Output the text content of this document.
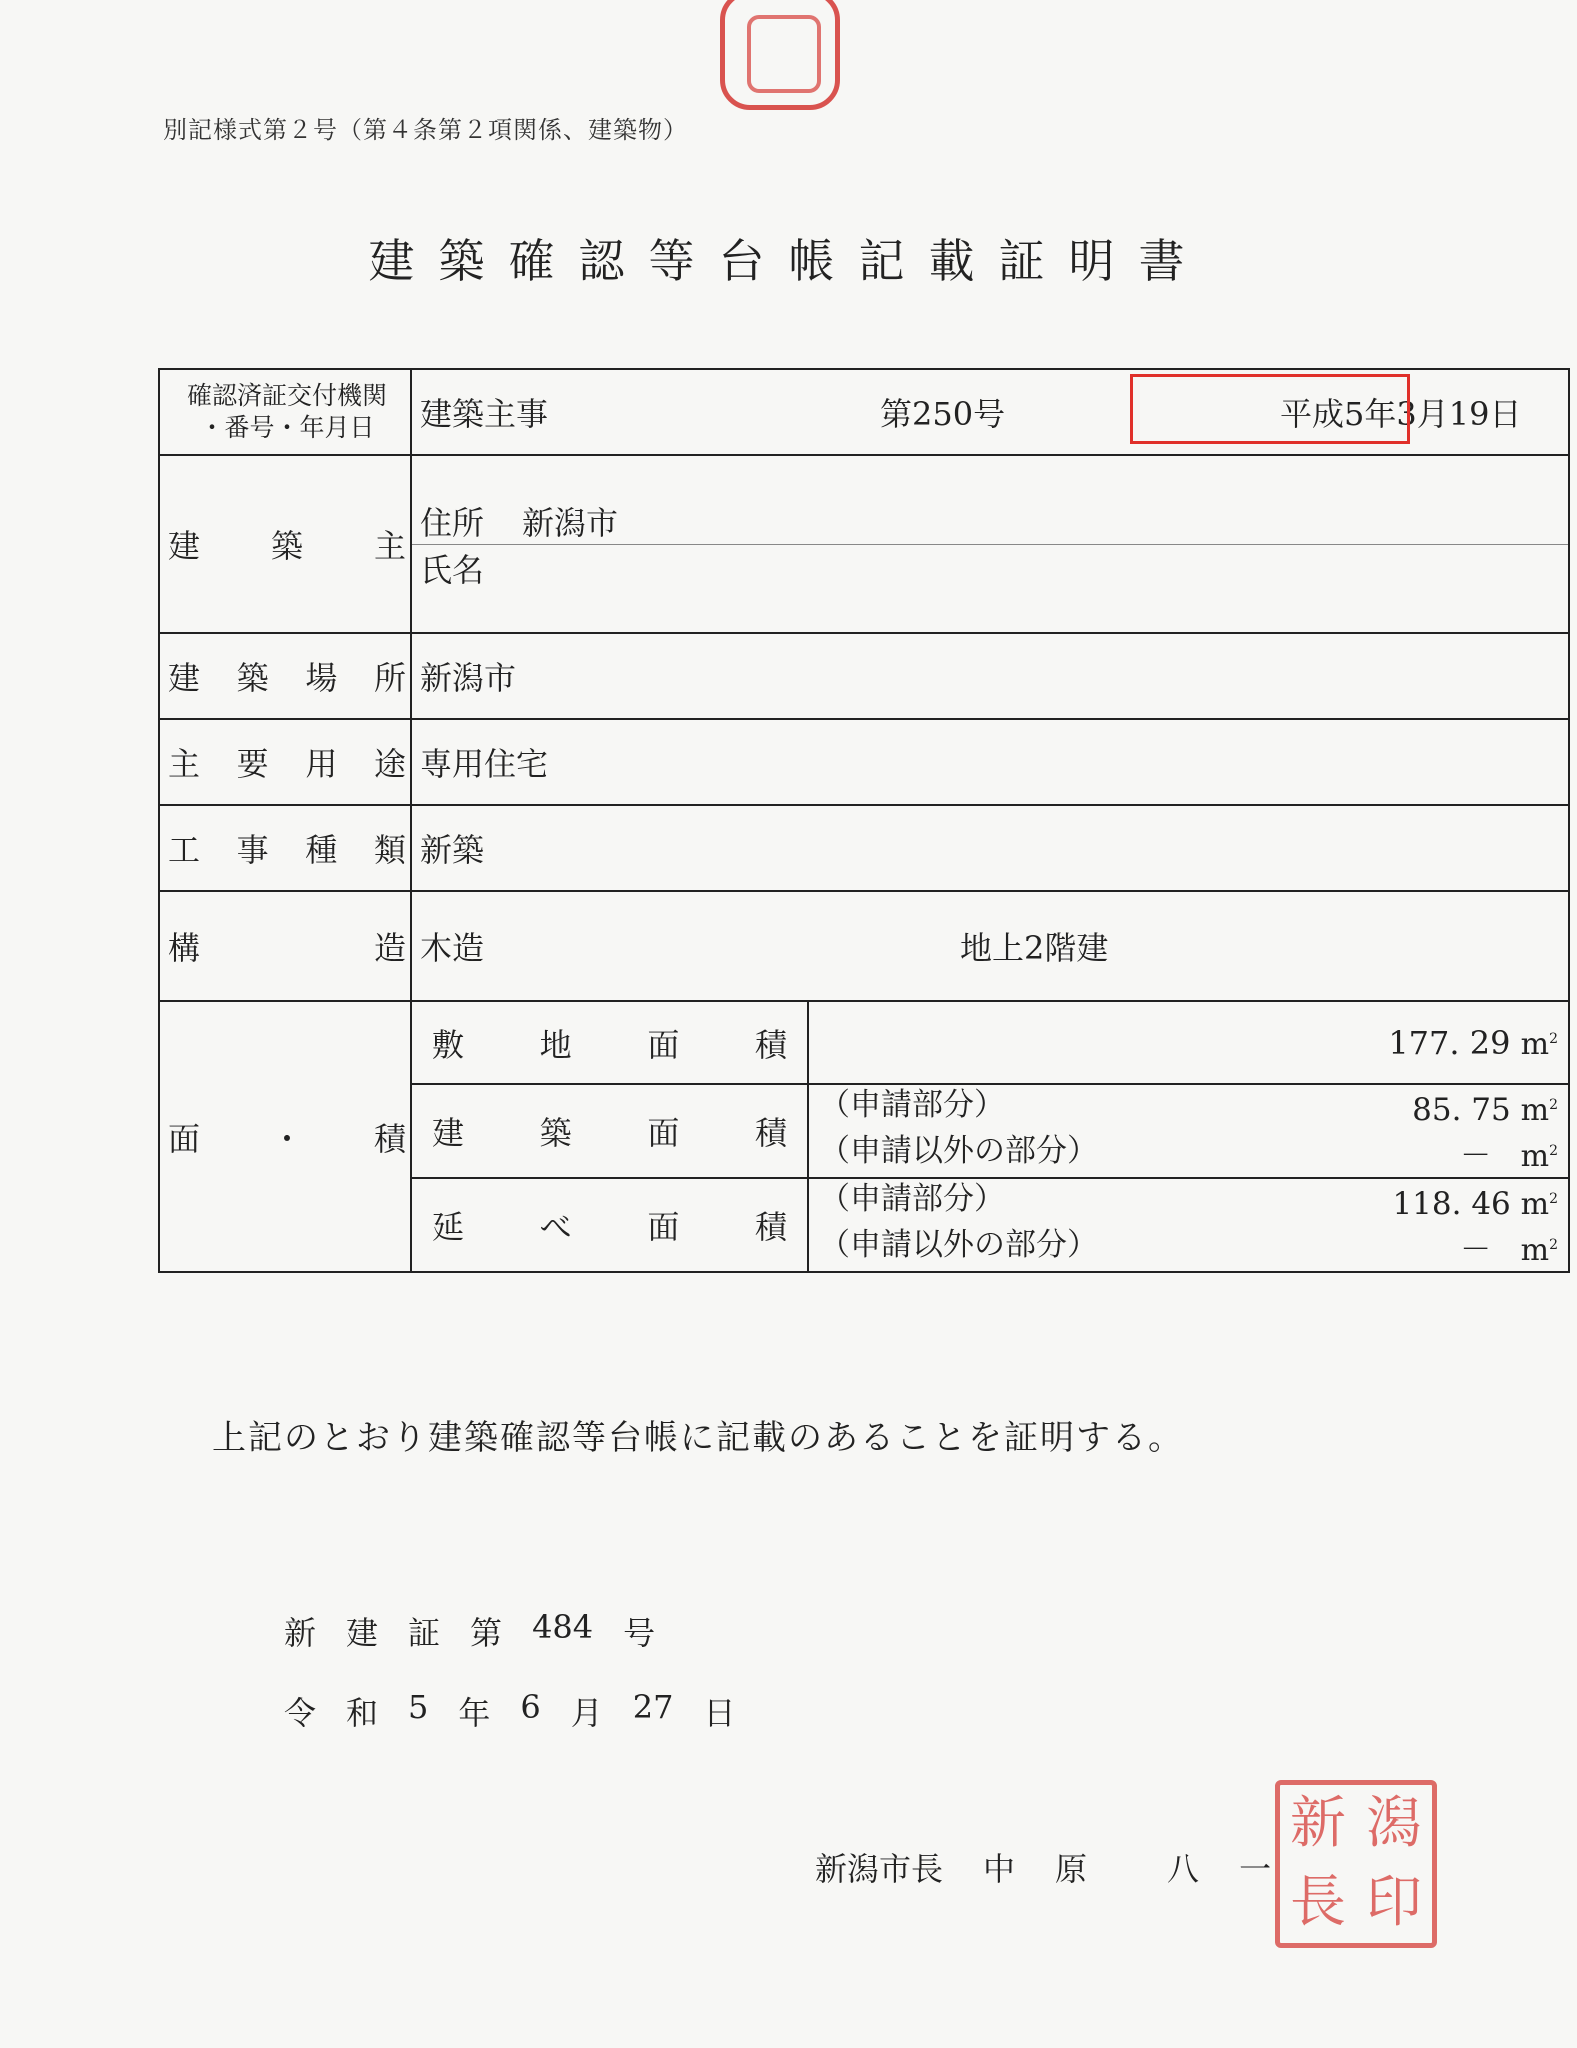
別記様式第２号（第４条第２項関係、建築物）
建築確認等台帳記載証明書
確認済証交付機関
・番号・年月日	建築主事	第250号	平成5年3月19日

建 築 主

住所 新潟市
氏名

建 築 場 所	新潟市

主 要 用 途	専用住宅

工 事 種 類	新築

構	造	木造	地上2階建

面 ・ 積

敷 地 面 積	177. 29 $m^2$

建 築 面 積

（申請部分）	85. 75 $m^2$
（申請以外の部分）	－ $m^2$

延 べ 面 積

（申請部分）	118. 46 $m^2$
（申請以外の部分）	－ $m^2$
上記のとおり建築確認等台帳に記載のあることを証明する。
新 建 証 第 484 号
令 和 5 年 6 月 27 日
新潟市長 中 原	八 一
新 潟
長 印
